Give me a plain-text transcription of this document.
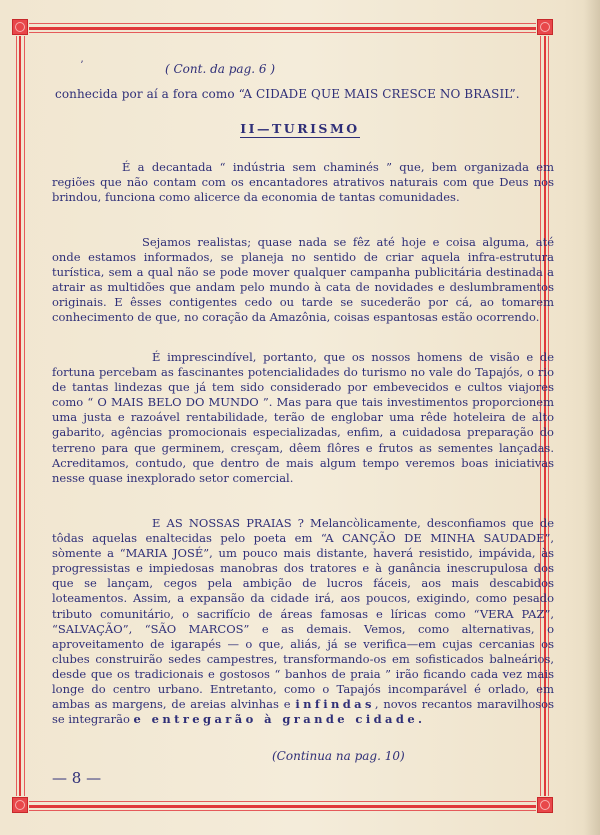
ʼ	( Cont. da pag. 6 )
conhecida por aí a fora como “A CIDADE QUE MAIS CRESCE NO BRASIL”.
II—TURISMO

É a decantada “ indústria sem chaminés ” que, bem organizada em regiões que não contam com os encantadores atrativos naturais com que Deus nos brindou, funciona como alicerce da economia de tantas comunidades.

Sejamos realistas; quase nada se fêz até hoje e coisa alguma, até onde estamos informados, se planeja no sentido de criar aquela infra-estrutura turística, sem a qual não se pode mover qualquer campanha publicitária destinada a atrair as multidões que andam pelo mundo à cata de novidades e deslumbramentos originais. E êsses contigentes cedo ou tarde se sucederão por cá, ao tomarem conhecimento de que, no coração da Amazônia, coisas espantosas estão ocorrendo.

É imprescindível, portanto, que os nossos homens de visão e de fortuna percebam as fascinantes potencialidades do turismo no vale do Tapajós, o rio de tantas lindezas que já tem sido considerado por embevecidos e cultos viajores como “ O MAIS BELO DO MUNDO ”. Mas para que tais investimentos proporcionem uma justa e razoável rentabilidade, terão de englobar uma rêde hoteleira de alto gabarito, agências promocionais especializadas, enfim, a cuidadosa preparação do terreno para que germinem, cresçam, dêem flôres e frutos as sementes lançadas. Acreditamos, contudo, que dentro de mais algum tempo veremos boas iniciativas nesse quase inexplorado setor comercial.

E AS NOSSAS PRAIAS ? Melancòlicamente, desconfiamos que de tôdas aquelas enaltecidas pelo poeta em “A CANÇÃO DE MINHA SAUDADE”, sòmente a “MARIA JOSÉ”, um pouco mais distante, haverá resistido, impávida, às progressistas e impiedosas manobras dos tratores e à ganância inescrupulosa dos que se lançam, cegos pela ambição de lucros fáceis, aos mais descabidos loteamentos. Assim, a expansão da cidade irá, aos poucos, exigindo, como pesado tributo comunitário, o sacrifício de áreas famosas e líricas como “VERA PAZ”, “SALVAÇÃO”, “SÃO MARCOS” e as demais. Vemos, como alternativas, o aproveitamento de igarapés — o que, aliás, já se verifica—em cujas cercanias os clubes construirão sedes campestres, transformando-os em sofisticados balneários, desde que os tradicionais e gostosos “ banhos de praia ” irão ficando cada vez mais longe do centro urbano. Entretanto, como o Tapajós incomparável é orlado, em ambas as margens, de areias alvinhas e infindas, novos recantos maravilhosos se integrarão e entregarão à grande cidade.

(Continua na pag. 10)
— 8 —
